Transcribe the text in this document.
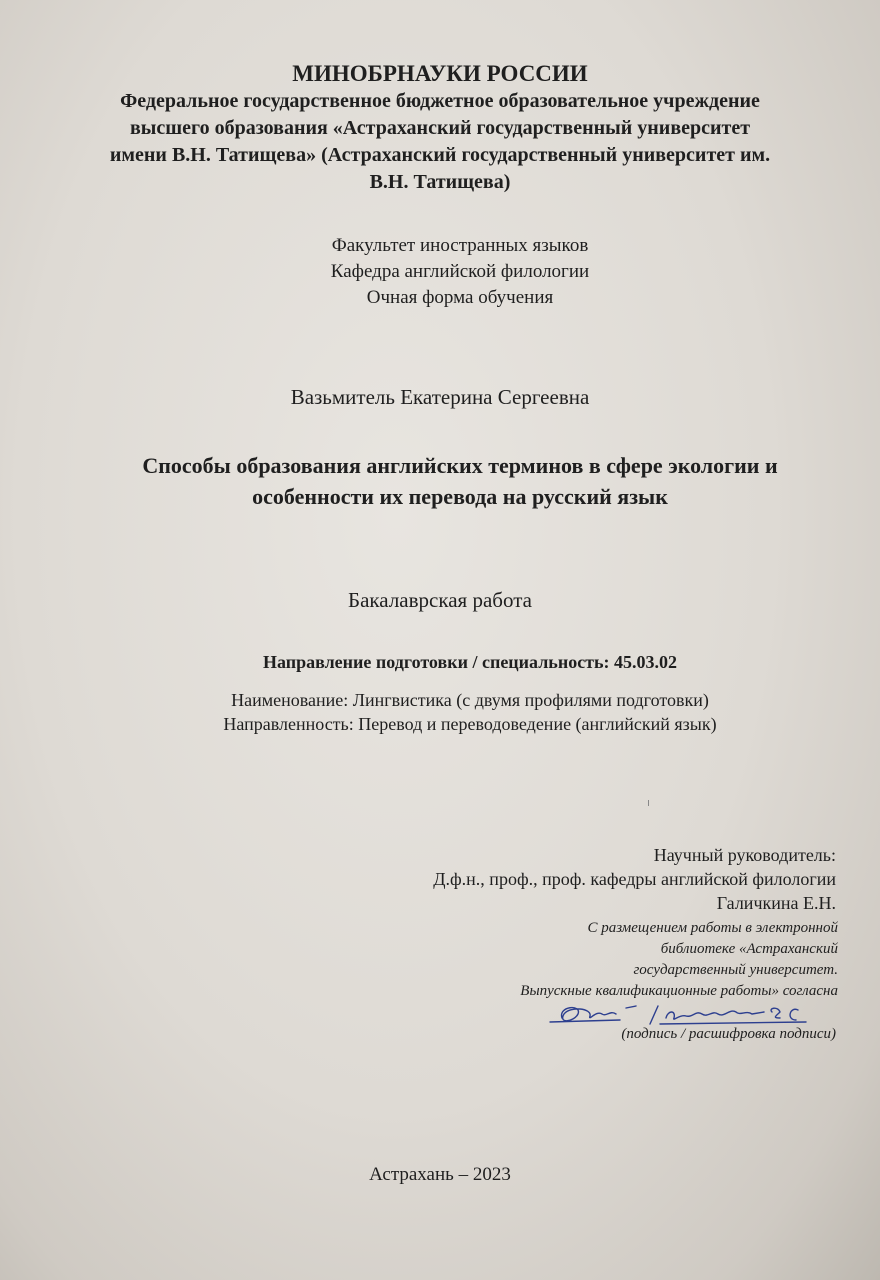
МИНОБРНАУКИ РОССИИ
Федеральное государственное бюджетное образовательное учреждение
высшего образования «Астраханский государственный университет
имени В.Н. Татищева» (Астраханский государственный университет им.
В.Н. Татищева)
Факультет иностранных языков
Кафедра английской филологии
Очная форма обучения
Вазьмитель Екатерина Сергеевна
Способы образования английских терминов в сфере экологии и
особенности их перевода на русский язык
Бакалаврская работа
Направление подготовки / специальность: 45.03.02
Наименование: Лингвистика (с двумя профилями подготовки)
Направленность: Перевод и переводоведение (английский язык)
Научный руководитель:
Д.ф.н., проф., проф. кафедры английской филологии
Галичкина Е.Н.
С размещением работы в электронной
библиотеке «Астраханский
государственный университет.
Выпускные квалификационные работы» согласна
(подпись / расшифровка подписи)
Астрахань – 2023
